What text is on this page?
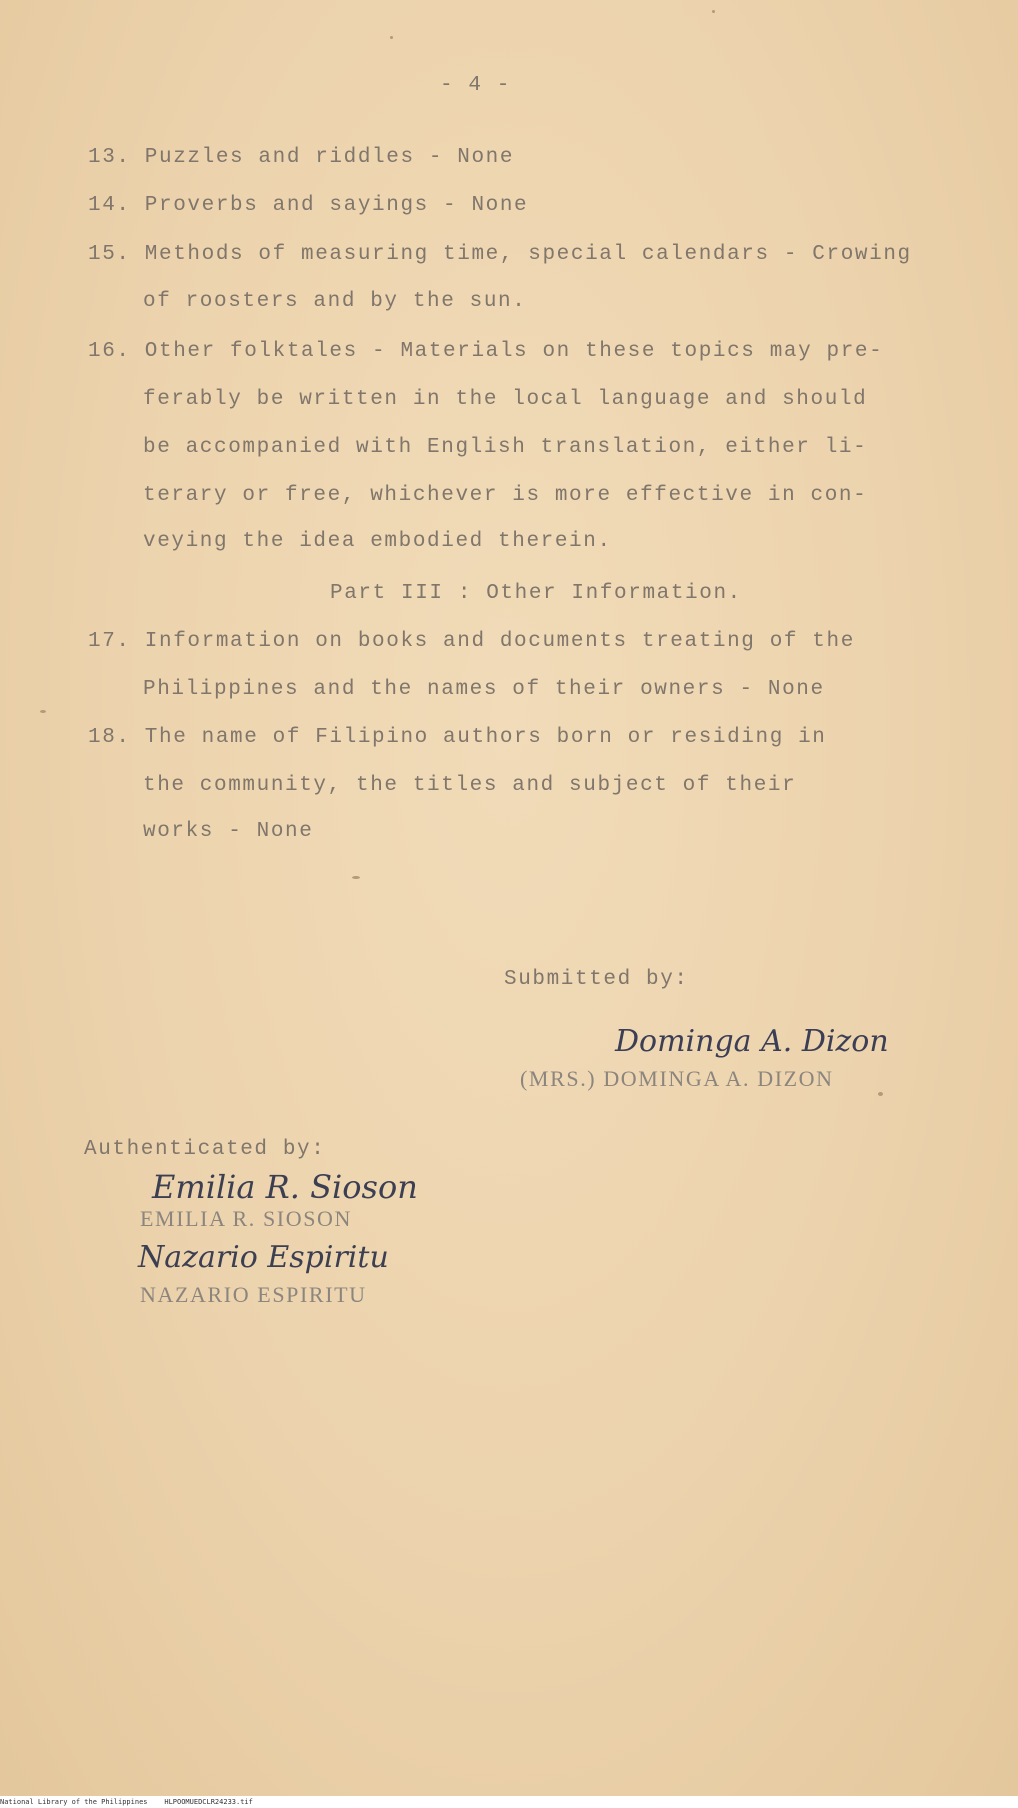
- 4 -
13. Puzzles and riddles - None
14. Proverbs and sayings - None
15. Methods of measuring time, special calendars - Crowing
of roosters and by the sun.
16. Other folktales - Materials on these topics may pre-
ferably be written in the local language and should
be accompanied with English translation, either li-
terary or free, whichever is more effective in con-
veying the idea embodied therein.
Part III : Other Information.
17. Information on books and documents treating of the
Philippines and the names of their owners - None
18. The name of Filipino authors born or residing in
the community, the titles and subject of their
works - None
Submitted by:
Dominga A. Dizon
(MRS.) DOMINGA A. DIZON
Authenticated by:
Emilia R. Sioson
EMILIA R. SIOSON
Nazario Espiritu
NAZARIO ESPIRITU
National Library of the Philippines    HLPOOMUEDCLR24233.tif
